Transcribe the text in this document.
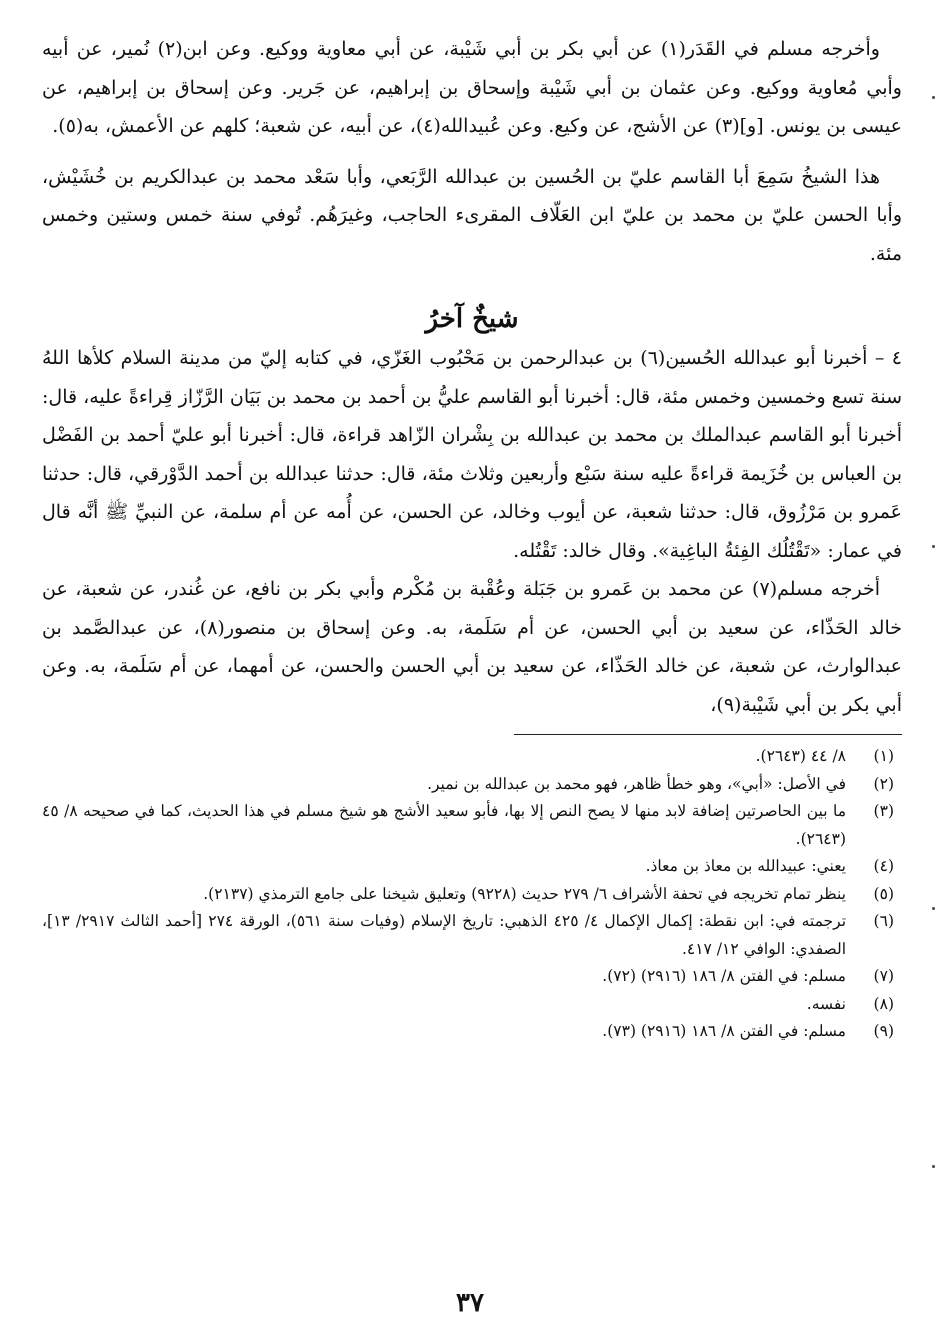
وأخرجه مسلم في القَدَر(١) عن أبي بكر بن أبي شَيْبة، عن أبي معاوية ووكيع. وعن ابن(٢) نُمير، عن أبيه وأبي مُعاوية ووكيع. وعن عثمان بن أبي شَيْبة وإسحاق بن إبراهيم، عن جَرير. وعن إسحاق بن إبراهيم، عن عيسى بن يونس. [و](٣) عن الأشج، عن وكيع. وعن عُبيدالله(٤)، عن أبيه، عن شعبة؛ كلهم عن الأعمش، به(٥).

هذا الشيخُ سَمِعَ أبا القاسم عليّ بن الحُسين بن عبدالله الرَّبَعي، وأبا سَعْد محمد بن عبدالكريم بن خُشَيْش، وأبا الحسن عليّ بن محمد بن عليّ ابن العَلّاف المقرىء الحاجب، وغيرَهُم. تُوفي سنة خمس وستين وخمس مئة.

شيخٌ آخرُ

٤ – أخبرنا أبو عبدالله الحُسين(٦) بن عبدالرحمن بن مَحْبُوب الغَزّي، في كتابه إليّ من مدينة السلام كلأها اللهُ سنة تسع وخمسين وخمس مئة، قال: أخبرنا أبو القاسم عليُّ بن أحمد بن محمد بن بَيَان الرَّزّاز قِراءةً عليه، قال: أخبرنا أبو القاسم عبدالملك بن محمد بن عبدالله بن بِشْران الزّاهد قراءة، قال: أخبرنا أبو عليّ أحمد بن الفَضْل بن العباس بن خُزَيمة قراءةً عليه سنة سَبْع وأربعين وثلاث مئة، قال: حدثنا عبدالله بن أحمد الدَّوْرقي، قال: حدثنا عَمرو بن مَرْزُوق، قال: حدثنا شعبة، عن أيوب وخالد، عن الحسن، عن أُمه عن أم سلمة، عن النبيِّ ﷺ أنَّه قال في عمار: «تَقْتُلُك الفِئةُ الباغِية». وقال خالد: تَقْتُله.

أخرجه مسلم(٧) عن محمد بن عَمرو بن جَبَلة وعُقْبة بن مُكْرم وأبي بكر بن نافع، عن غُندر، عن شعبة، عن خالد الحَذّاء، عن سعيد بن أبي الحسن، عن أم سَلَمة، به. وعن إسحاق بن منصور(٨)، عن عبدالصَّمد بن عبدالوارث، عن شعبة، عن خالد الحَذّاء، عن سعيد بن أبي الحسن والحسن، عن أمهما، عن أم سَلَمة، به. وعن أبي بكر بن أبي شَيْبة(٩)،

(١)
٨/ ٤٤ (٢٦٤٣).
(٢)
في الأصل: «أبي»، وهو خطأ ظاهر، فهو محمد بن عبدالله بن نمير.
(٣)
ما بين الحاصرتين إضافة لابد منها لا يصح النص إلا بها، فأبو سعيد الأشج هو شيخ مسلم في هذا الحديث، كما في صحيحه ٨/ ٤٥ (٢٦٤٣).
(٤)
يعني: عبيدالله بن معاذ بن معاذ.
(٥)
ينظر تمام تخريجه في تحفة الأشراف ٦/ ٢٧٩ حديث (٩٢٢٨) وتعليق شيخنا على جامع الترمذي (٢١٣٧).
(٦)
ترجمته في: ابن نقطة: إكمال الإكمال ٤/ ٤٢٥ الذهبي: تاريخ الإسلام (وفيات سنة ٥٦١)، الورقة ٢٧٤ [أحمد الثالث ٢٩١٧/ ١٣]، الصفدي: الوافي ١٢/ ٤١٧.
(٧)
مسلم: في الفتن ٨/ ١٨٦ (٢٩١٦) (٧٢).
(٨)
نفسه.
(٩)
مسلم: في الفتن ٨/ ١٨٦ (٢٩١٦) (٧٣).
٣٧
